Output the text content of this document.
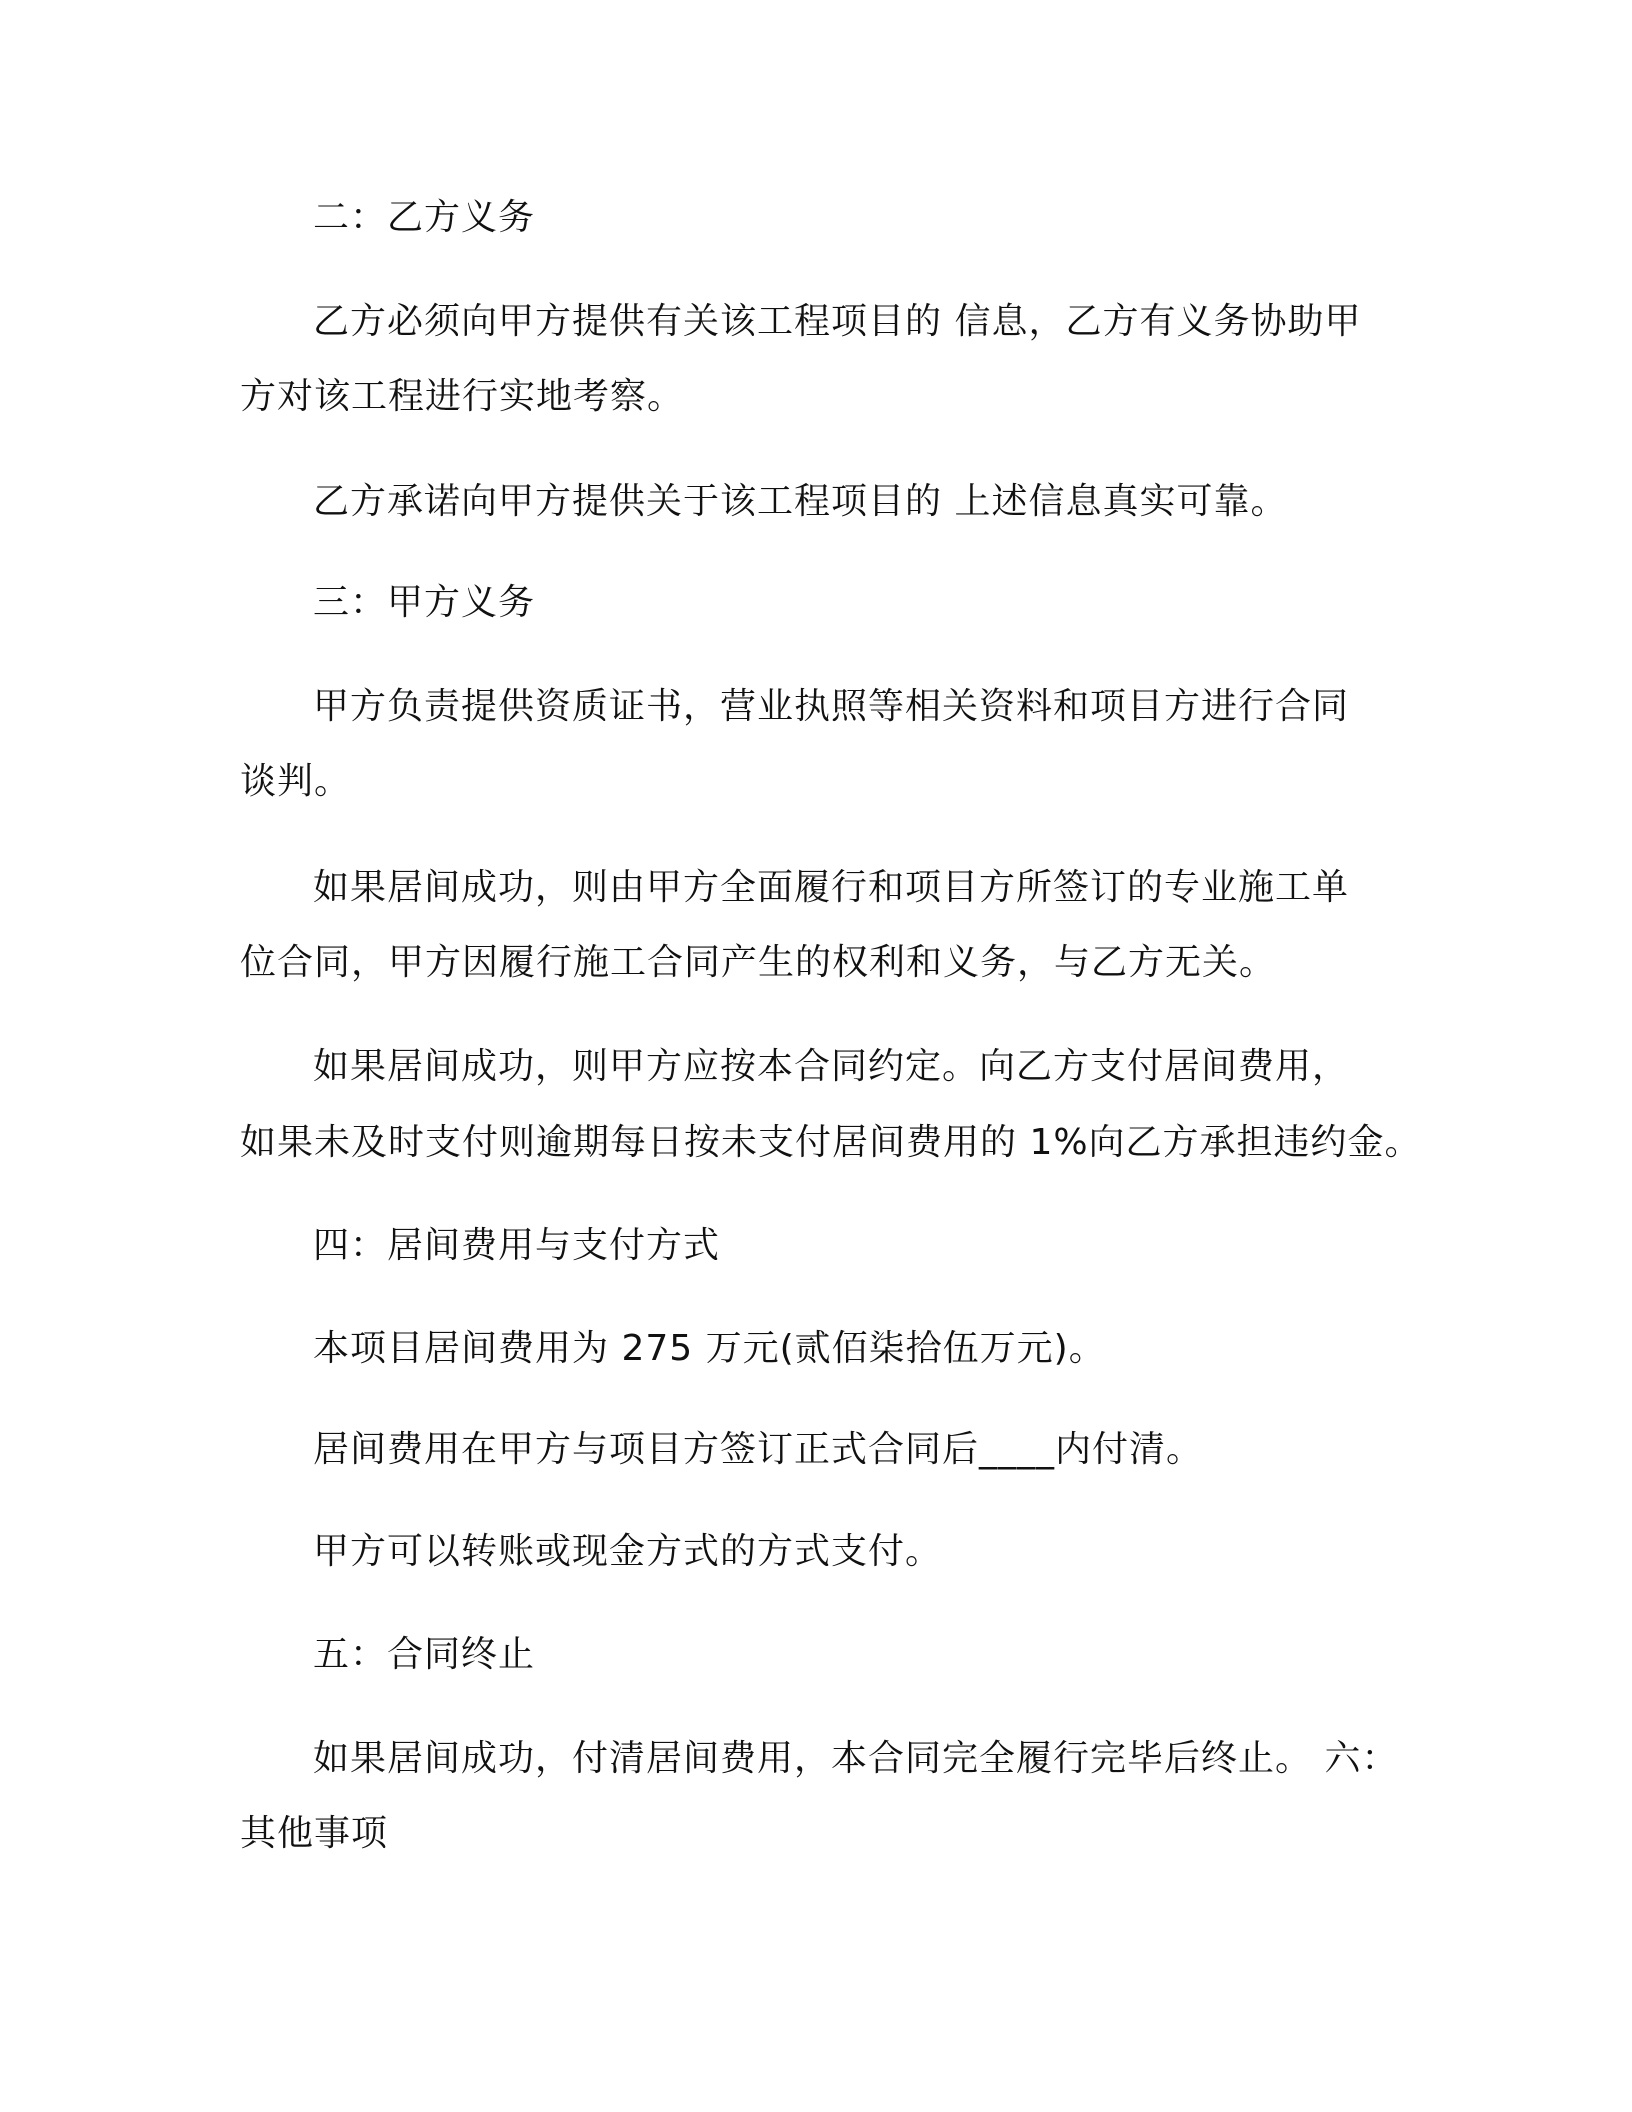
二：乙方义务

乙方必须向甲方提供有关该工程项目的 信息，乙方有义务协助甲

方对该工程进行实地考察。

乙方承诺向甲方提供关于该工程项目的 上述信息真实可靠。

三：甲方义务

甲方负责提供资质证书，营业执照等相关资料和项目方进行合同

谈判。

如果居间成功，则由甲方全面履行和项目方所签订的专业施工单

位合同，甲方因履行施工合同产生的权利和义务，与乙方无关。

如果居间成功，则甲方应按本合同约定。向乙方支付居间费用，

如果未及时支付则逾期每日按未支付居间费用的 1%向乙方承担违约金。

四：居间费用与支付方式

本项目居间费用为 275 万元(贰佰柒拾伍万元)。

居间费用在甲方与项目方签订正式合同后____内付清。

甲方可以转账或现金方式的方式支付。

五：合同终止

如果居间成功，付清居间费用，本合同完全履行完毕后终止。 六：

其他事项
